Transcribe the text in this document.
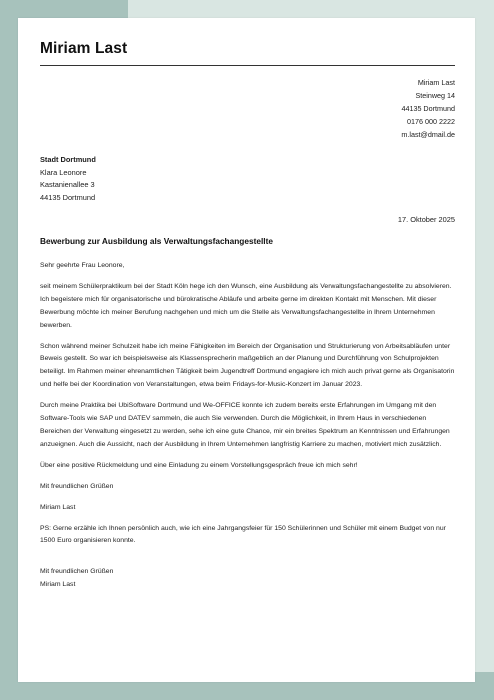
Miriam Last
Miriam Last
Steinweg 14
44135 Dortmund
0176 000 2222
m.last@dmail.de
Stadt Dortmund
Klara Leonore
Kastanienallee 3
44135 Dortmund
17. Oktober 2025
Bewerbung zur Ausbildung als Verwaltungsfachangestellte

Sehr geehrte Frau Leonore,

seit meinem Schülerpraktikum bei der Stadt Köln hege ich den Wunsch, eine Ausbildung als Verwaltungsfachangestellte zu absolvieren. Ich begeistere mich für organisatorische und bürokratische Abläufe und arbeite gerne im direkten Kontakt mit Menschen. Mit dieser Bewerbung möchte ich meiner Berufung nachgehen und mich um die Stelle als Verwaltungsfachangestellte in Ihrem Unternehmen bewerben.

Schon während meiner Schulzeit habe ich meine Fähigkeiten im Bereich der Organisation und Strukturierung von Arbeitsabläufen unter Beweis gestellt. So war ich beispielsweise als Klassensprecherin maßgeblich an der Planung und Durchführung von Schulprojekten beteiligt. Im Rahmen meiner ehrenamtlichen Tätigkeit beim Jugendtreff Dortmund engagiere ich mich auch privat gerne als Organisatorin und helfe bei der Koordination von Veranstaltungen, etwa beim Fridays-for-Music-Konzert im Januar 2023.

Durch meine Praktika bei UbiSoftware Dortmund und We-OFFICE konnte ich zudem bereits erste Erfahrungen im Umgang mit den Software-Tools wie SAP und DATEV sammeln, die auch Sie verwenden. Durch die Möglichkeit, in Ihrem Haus in verschiedenen Bereichen der Verwaltung eingesetzt zu werden, sehe ich eine gute Chance, mir ein breites Spektrum an Kenntnissen und Erfahrungen anzueignen. Auch die Aussicht, nach der Ausbildung in Ihrem Unternehmen langfristig Karriere zu machen, motiviert mich zusätzlich.

Über eine positive Rückmeldung und eine Einladung zu einem Vorstellungsgespräch freue ich mich sehr!

Mit freundlichen Grüßen

Miriam Last

PS: Gerne erzähle ich Ihnen persönlich auch, wie ich eine Jahrgangsfeier für 150 Schülerinnen und Schüler mit einem Budget von nur 1500 Euro organisieren konnte.

Mit freundlichen Grüßen

Miriam Last
